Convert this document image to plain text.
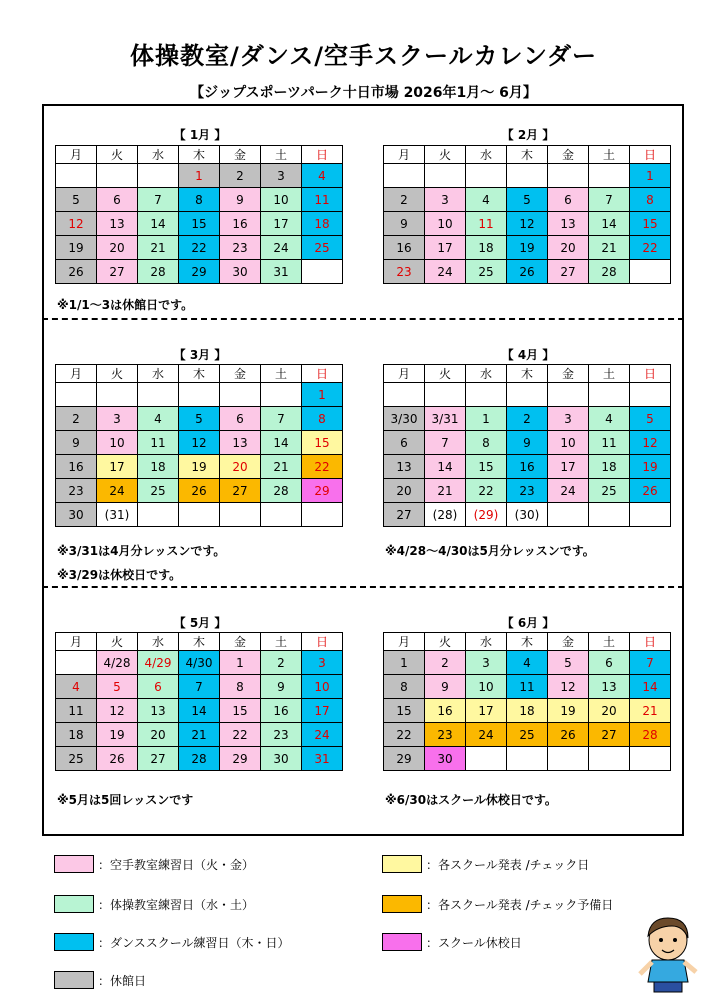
体操教室/ダンス/空手スクールカレンダー
【ジップスポーツパーク十日市場 2026年1月～ 6月】
【 1月 】	【 2月 】
【 3月 】	【 4月 】
【 5月 】	【 6月 】
月	火	水	木	金	土	日
			1	2	3	4
5	6	7	8	9	10	11
12	13	14	15	16	17	18
19	20	21	22	23	24	25
26	27	28	29	30	31	
月	火	水	木	金	土	日
						1
2	3	4	5	6	7	8
9	10	11	12	13	14	15
16	17	18	19	20	21	22
23	24	25	26	27	28	
月	火	水	木	金	土	日
						1
2	3	4	5	6	7	8
9	10	11	12	13	14	15
16	17	18	19	20	21	22
23	24	25	26	27	28	29
30	(31)					
月	火	水	木	金	土	日

3/30	3/31	1	2	3	4	5
6	7	8	9	10	11	12
13	14	15	16	17	18	19
20	21	22	23	24	25	26
27	(28)	(29)	(30)			
月	火	水	木	金	土	日
	4/28	4/29	4/30	1	2	3
4	5	6	7	8	9	10
11	12	13	14	15	16	17
18	19	20	21	22	23	24
25	26	27	28	29	30	31
月	火	水	木	金	土	日
1	2	3	4	5	6	7
8	9	10	11	12	13	14
15	16	17	18	19	20	21
22	23	24	25	26	27	28
29	30					
※1/1～3は休館日です。
※3/31は4月分レッスンです。
※3/29は休校日です。
※4/28～4/30は5月分レッスンです。
※5月は5回レッスンです	※6/30はスクール休校日です。
：空手教室練習日（火・金）
：体操教室練習日（水・土）
：ダンススクール練習日（木・日）
：休館日
：各スクール発表 /チェック日
：各スクール発表 /チェック予備日
：スクール休校日
